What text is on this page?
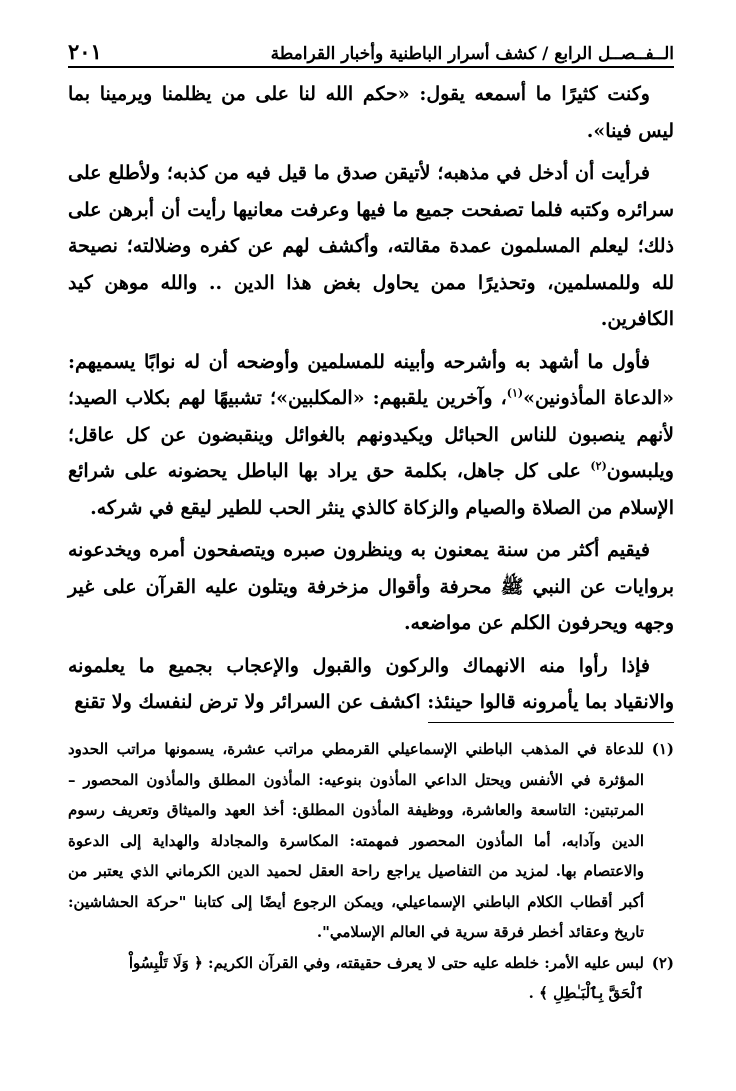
الــفــصــل الرابع / كشف أسرار الباطنية وأخبار القرامطة
٢٠١

وكنت كثيرًا ما أسمعه يقول: «حكم الله لنا على من يظلمنا ويرمينا بما ليس فينا».

فرأيت أن أدخل في مذهبه؛ لأتيقن صدق ما قيل فيه من كذبه؛ ولأطلع على سرائره وكتبه فلما تصفحت جميع ما فيها وعرفت معانيها رأيت أن أبرهن على ذلك؛ ليعلم المسلمون عمدة مقالته، وأكشف لهم عن كفره وضلالته؛ نصيحة لله وللمسلمين، وتحذيرًا ممن يحاول بغض هذا الدين .. والله موهن كيد الكافرين.

فأول ما أشهد به وأشرحه وأبينه للمسلمين وأوضحه أن له نوابًا يسميهم: «الدعاة المأذونين»$^{(١)}$، وآخرين يلقبهم: «المكلبين»؛ تشبيهًا لهم بكلاب الصيد؛ لأنهم ينصبون للناس الحبائل ويكيدونهم بالغوائل وينقبضون عن كل عاقل؛ ويلبسون$^{(٢)}$ على كل جاهل، بكلمة حق يراد بها الباطل يحضونه على شرائع الإسلام من الصلاة والصيام والزكاة كالذي ينثر الحب للطير ليقع في شركه.

فيقيم أكثر من سنة يمعنون به وينظرون صبره ويتصفحون أمره ويخدعونه بروايات عن النبي ﷺ محرفة وأقوال مزخرفة ويتلون عليه القرآن على غير وجهه ويحرفون الكلم عن مواضعه.

فإذا رأوا منه الانهماك والركون والقبول والإعجاب بجميع ما يعلمونه والانقياد بما يأمرونه قالوا حينئذ: اكشف عن السرائر ولا ترض لنفسك ولا تقنع

(١)
للدعاة في المذهب الباطني الإسماعيلي القرمطي مراتب عشرة، يسمونها مراتب الحدود المؤثرة في الأنفس ويحتل الداعي المأذون بنوعيه: المأذون المطلق والمأذون المحصور – المرتبتين: التاسعة والعاشرة، ووظيفة المأذون المطلق: أخذ العهد والميثاق وتعريف رسوم الدين وآدابه، أما المأذون المحصور فمهمته: المكاسرة والمجادلة والهداية إلى الدعوة والاعتصام بها. لمزيد من التفاصيل يراجع راحة العقل لحميد الدين الكرماني الذي يعتبر من أكبر أقطاب الكلام الباطني الإسماعيلي، ويمكن الرجوع أيضًا إلى كتابنا "حركة الحشاشين: تاريخ وعقائد أخطر فرقة سرية في العالم الإسلامي".

(٢)
لبس عليه الأمر: خلطه عليه حتى لا يعرف حقيقته، وفي القرآن الكريم: ﴿ وَلَا تَلْبِسُواْ

ٱلْحَقَّ بِٱلْبَـٰطِلِ ﴾ .
